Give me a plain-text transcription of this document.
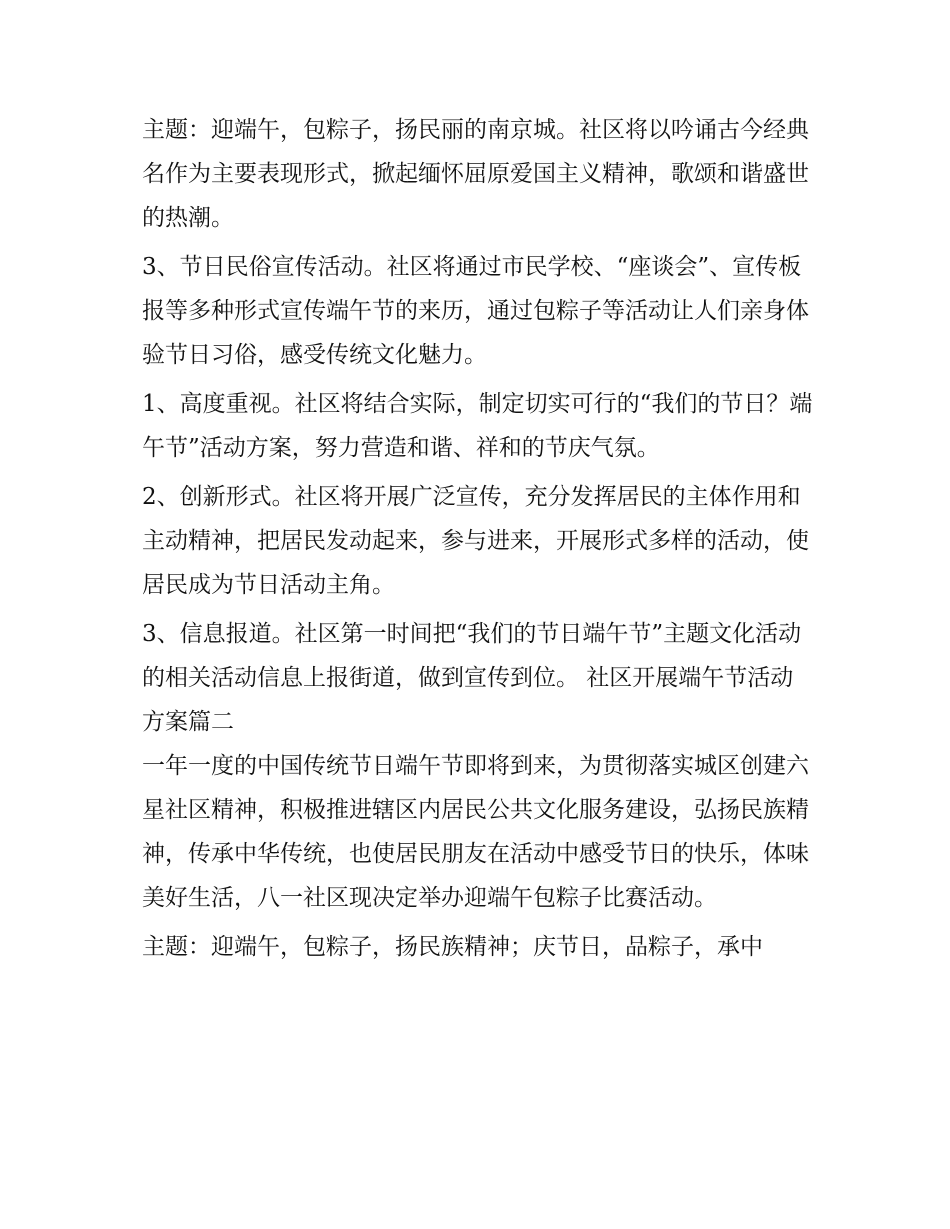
主题：迎端午，包粽子，扬民丽的南京城。社区将以吟诵古今经典名作为主要表现形式，掀起缅怀屈原爱国主义精神，歌颂和谐盛世的热潮。

3、节日民俗宣传活动。社区将通过市民学校、“座谈会”、宣传板报等多种形式宣传端午节的来历，通过包粽子等活动让人们亲身体验节日习俗，感受传统文化魅力。

1、高度重视。社区将结合实际，制定切实可行的“我们的节日？端午节”活动方案，努力营造和谐、祥和的节庆气氛。

2、创新形式。社区将开展广泛宣传，充分发挥居民的主体作用和主动精神，把居民发动起来，参与进来，开展形式多样的活动，使居民成为节日活动主角。

3、信息报道。社区第一时间把“我们的节日端午节”主题文化活动的相关活动信息上报街道，做到宣传到位。 社区开展端午节活动方案篇二

一年一度的中国传统节日端午节即将到来，为贯彻落实城区创建六星社区精神，积极推进辖区内居民公共文化服务建设，弘扬民族精神，传承中华传统，也使居民朋友在活动中感受节日的快乐，体味美好生活，八一社区现决定举办迎端午包粽子比赛活动。

主题：迎端午，包粽子，扬民族精神；庆节日，品粽子，承中
